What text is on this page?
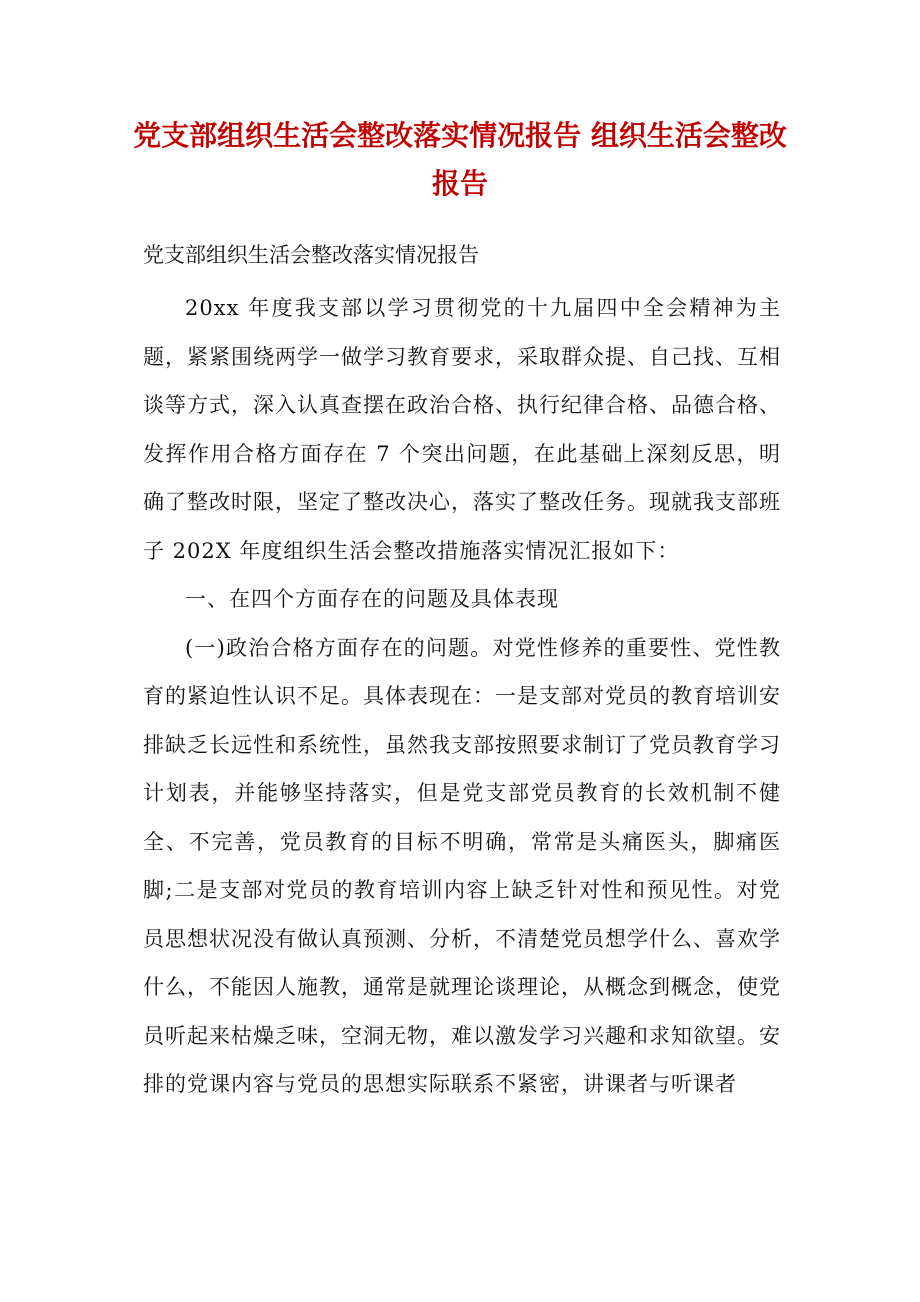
党支部组织生活会整改落实情况报告 组织生活会整改报告

党支部组织生活会整改落实情况报告

20xx 年度我支部以学习贯彻党的十九届四中全会精神为主题，紧紧围绕两学一做学习教育要求，采取群众提、自己找、互相谈等方式，深入认真查摆在政治合格、执行纪律合格、品德合格、发挥作用合格方面存在 7 个突出问题，在此基础上深刻反思，明确了整改时限，坚定了整改决心，落实了整改任务。现就我支部班子 202X 年度组织生活会整改措施落实情况汇报如下：

一、在四个方面存在的问题及具体表现

(一)政治合格方面存在的问题。对党性修养的重要性、党性教育的紧迫性认识不足。具体表现在：一是支部对党员的教育培训安排缺乏长远性和系统性，虽然我支部按照要求制订了党员教育学习计划表，并能够坚持落实，但是党支部党员教育的长效机制不健全、不完善，党员教育的目标不明确，常常是头痛医头，脚痛医脚;二是支部对党员的教育培训内容上缺乏针对性和预见性。对党员思想状况没有做认真预测、分析，不清楚党员想学什么、喜欢学什么，不能因人施教，通常是就理论谈理论，从概念到概念，使党员听起来枯燥乏味，空洞无物，难以激发学习兴趣和求知欲望。安排的党课内容与党员的思想实际联系不紧密，讲课者与听课者
